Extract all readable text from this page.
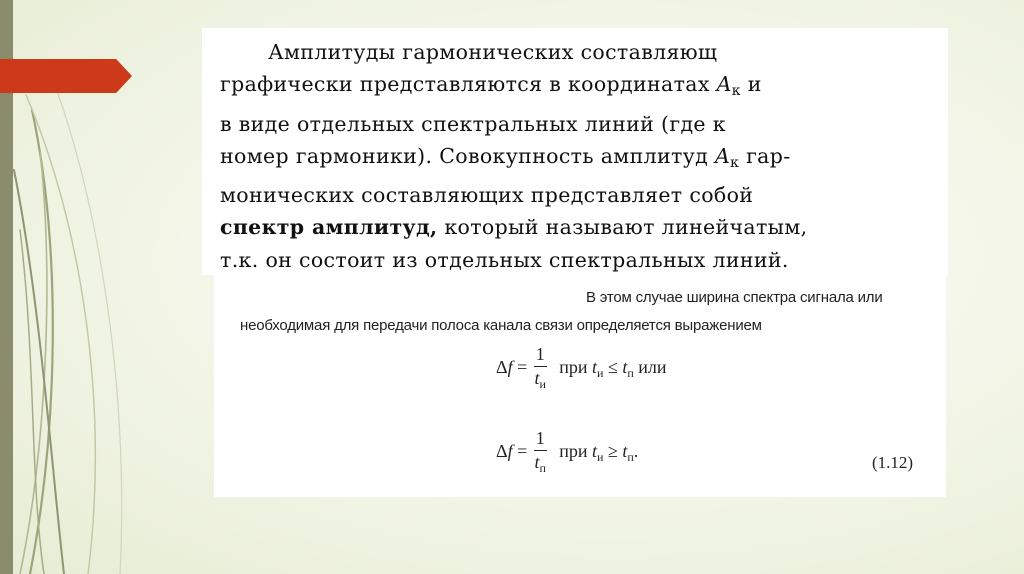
Амплитуды гармонических составляющ
графически представляются в координатах $A_к$ и
в виде отдельных спектральных линий (где к
номер гармоники). Совокупность амплитуд $A_к$ гар-
монических составляющих представляет собой
спектр амплитуд, который называют линейчатым,
т.к. он состоит из отдельных спектральных линий.
В этом случае ширина спектра сигнала или
необходимая для передачи полоса канала связи определяется выражением
$\Delta f = \frac{1}{t_и}$ при $t_и \le t_п$ или
$\Delta f = \frac{1}{t_п}$ при $t_и \ge t_п$.
(1.12)
